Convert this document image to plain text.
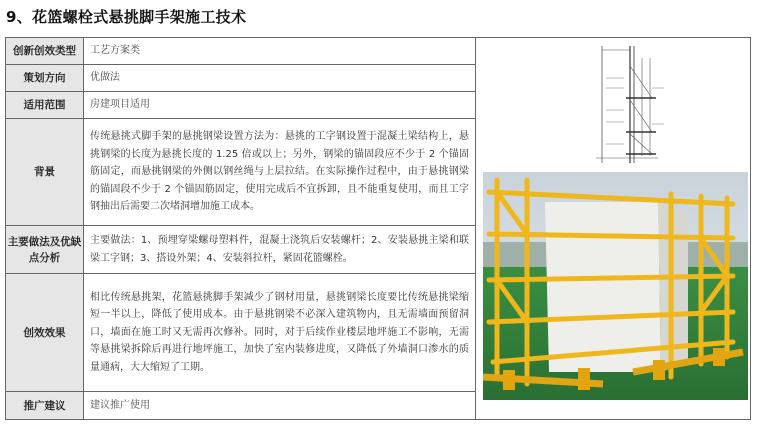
9、花篮螺栓式悬挑脚手架施工技术
创新创效类型	工艺方案类	

策划方向	优做法	
适用范围	房建项目适用	
背景	传统悬挑式脚手架的悬挑钢梁设置方法为：悬挑的工字钢设置于混凝土梁结构上，悬挑钢梁的长度为悬挑长度的 1.25 倍或以上；另外，钢梁的锚固段应不少于 2 个锚固筋固定，而悬挑钢梁的外侧以钢丝绳与上层拉结。在实际操作过程中，由于悬挑钢梁的锚固段不少于 2 个锚固筋固定，使用完成后不宜拆卸，且不能重复使用，而且工字钢抽出后需要二次堵洞增加施工成本。	
主要做法及优缺点分析	主要做法：1、预埋穿梁螺母塑料件，混凝土浇筑后安装螺杆；2、安装悬挑主梁和联梁工字钢；3、搭设外架；4、安装斜拉杆，紧固花篮螺栓。	
创效效果	相比传统悬挑架，花篮悬挑脚手架减少了钢材用量，悬挑钢梁长度要比传统悬挑梁缩短一半以上，降低了使用成本。由于悬挑钢梁不必深入建筑物内，且无需墙面预留洞口，墙面在施工时又无需再次修补。同时，对于后续作业楼层地坪施工不影响，无需等悬挑梁拆除后再进行地坪施工，加快了室内装修进度，又降低了外墙洞口渗水的质量通病，大大缩短了工期。	
推广建议	建议推广使用	
